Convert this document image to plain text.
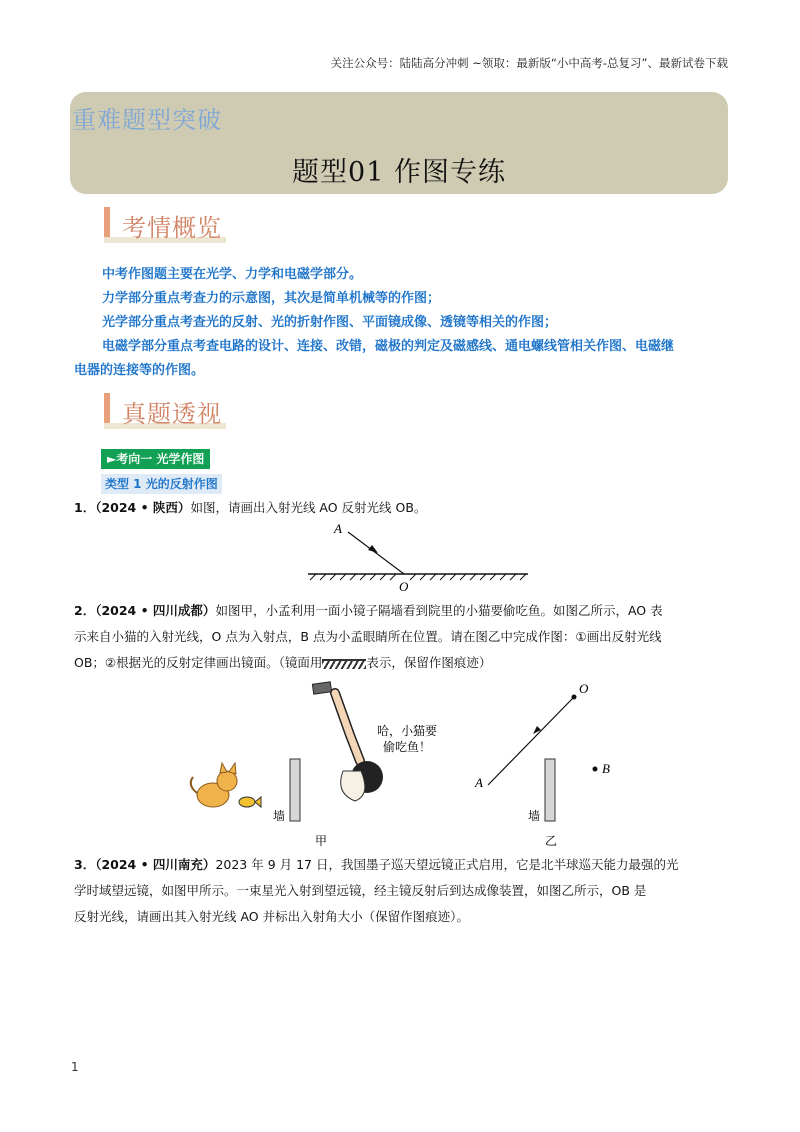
关注公众号：陆陆高分冲刺 ~领取：最新版“小中高考-总复习”、最新试卷下载
重难题型突破
题型01 作图专练
考情概览
中考作图题主要在光学、力学和电磁学部分。
力学部分重点考查力的示意图，其次是简单机械等的作图；
光学部分重点考查光的反射、光的折射作图、平面镜成像、透镜等相关的作图；
电磁学部分重点考查电路的设计、连接、改错，磁极的判定及磁感线、通电螺线管相关作图、电磁继
电器的连接等的作图。
真题透视
►考向一 光学作图
类型 1 光的反射作图
1．（2024 • 陕西）如图，请画出入射光线 AO 反射光线 OB。
A
O
2．（2024 • 四川成都）如图甲，小孟利用一面小镜子隔墙看到院里的小猫要偷吃鱼。如图乙所示，AO 表
示来自小猫的入射光线，O 点为入射点，B 点为小孟眼睛所在位置。请在图乙中完成作图：①画出反射光线
OB；②根据光的反射定律画出镜面。（镜面用	表示，保留作图痕迹）
墙
甲
哈，小猫要
偷吃鱼！
O
A
B
墙
乙
3．（2024 • 四川南充）2023 年 9 月 17 日，我国墨子巡天望远镜正式启用，它是北半球巡天能力最强的光
学时域望远镜，如图甲所示。一束星光入射到望远镜，经主镜反射后到达成像装置，如图乙所示，OB 是
反射光线，请画出其入射光线 AO 并标出入射角大小（保留作图痕迹）。
1
